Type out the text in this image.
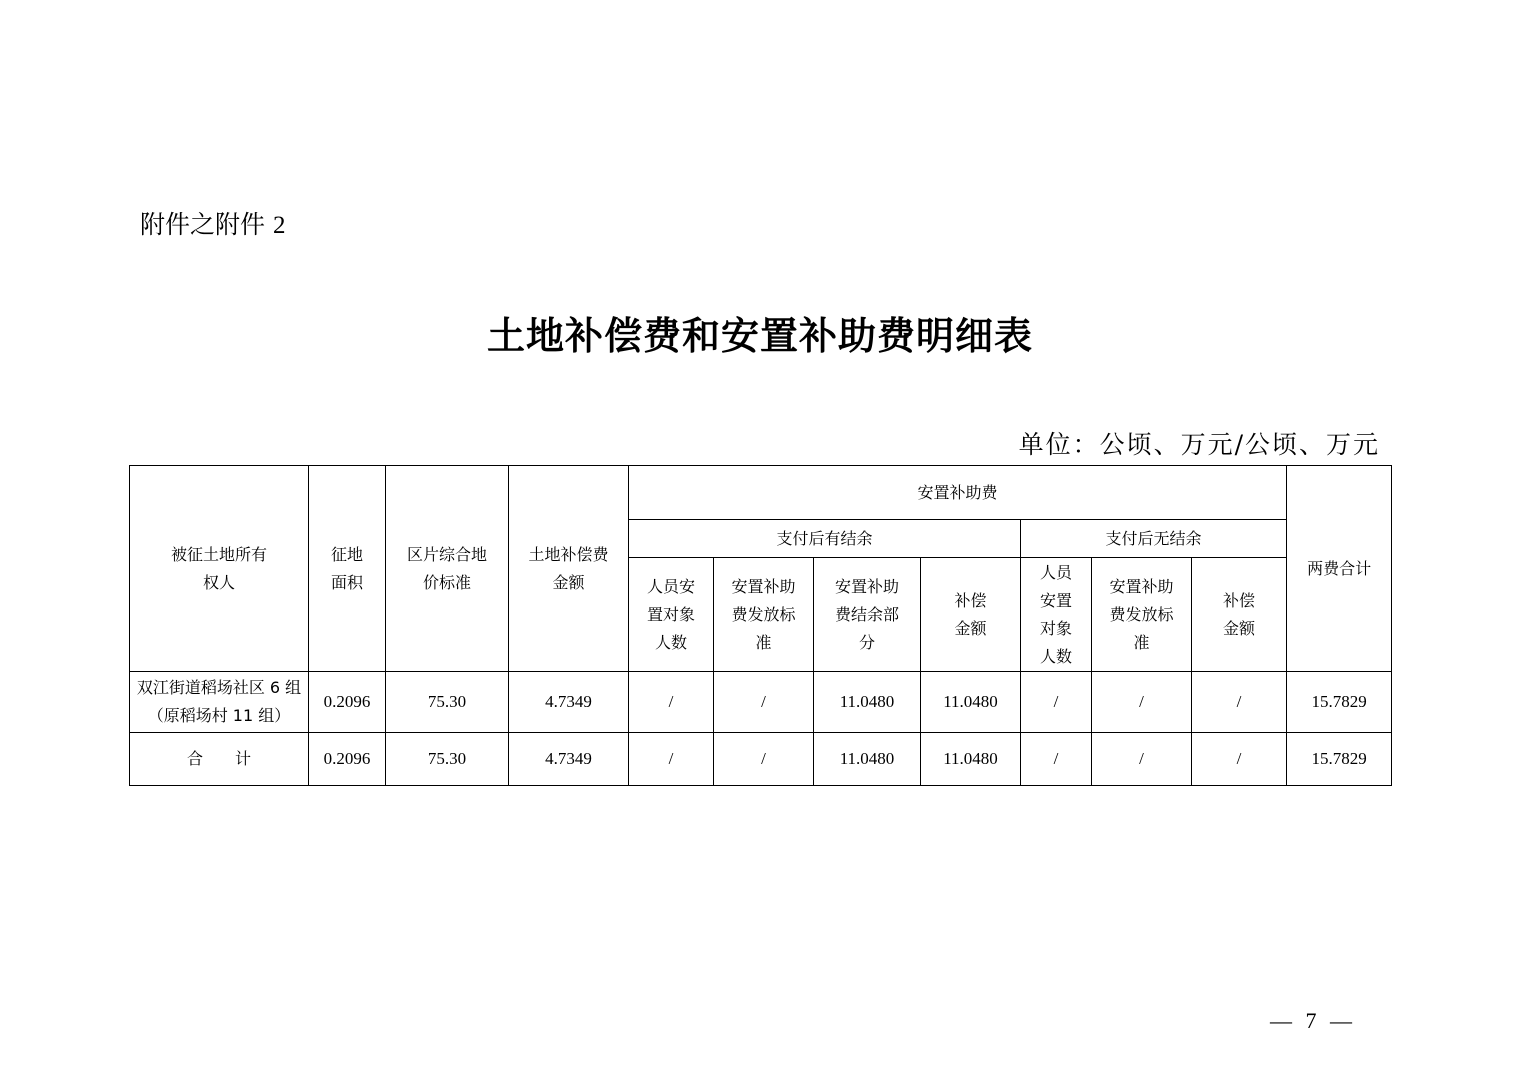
附件之附件 2
土地补偿费和安置补助费明细表
单位：公顷、万元/公顷、万元
被征土地所有权人	征地面积	区片综合地价标准	土地补偿费金额	安置补助费							两费合计
				支付后有结余				支付后无结余			
				人员安置对象人数	安置补助费发放标准	安置补助费结余部分	补偿金额	人员安置对象人数	安置补助费发放标准	补偿金额	
双江街道稻场社区 6 组（原稻场村 11 组）	0.2096	75.30	4.7349	/	/	11.0480	11.0480	/	/	/	15.7829
合　　计	0.2096	75.30	4.7349	/	/	11.0480	11.0480	/	/	/	15.7829
— 7 —
